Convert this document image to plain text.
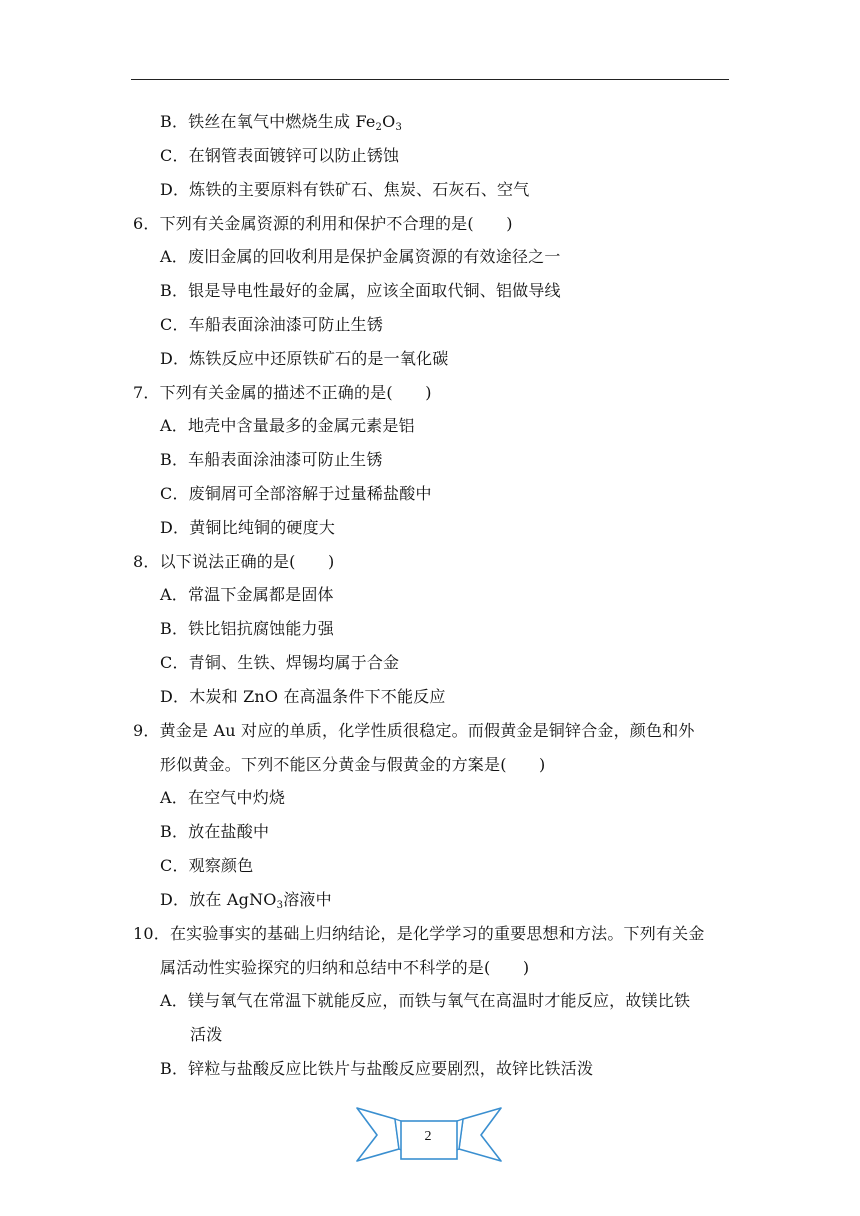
B．铁丝在氧气中燃烧生成 $Fe_2O_3$
C．在钢管表面镀锌可以防止锈蚀
D．炼铁的主要原料有铁矿石、焦炭、石灰石、空气
6．下列有关金属资源的利用和保护不合理的是(　　)
A．废旧金属的回收利用是保护金属资源的有效途径之一
B．银是导电性最好的金属，应该全面取代铜、铝做导线
C．车船表面涂油漆可防止生锈
D．炼铁反应中还原铁矿石的是一氧化碳
7．下列有关金属的描述不正确的是(　　)
A．地壳中含量最多的金属元素是铝
B．车船表面涂油漆可防止生锈
C．废铜屑可全部溶解于过量稀盐酸中
D．黄铜比纯铜的硬度大
8．以下说法正确的是(　　)
A．常温下金属都是固体
B．铁比铝抗腐蚀能力强
C．青铜、生铁、焊锡均属于合金
D．木炭和 ZnO 在高温条件下不能反应
9．黄金是 Au 对应的单质，化学性质很稳定。而假黄金是铜锌合金，颜色和外
形似黄金。下列不能区分黄金与假黄金的方案是(　　)
A．在空气中灼烧
B．放在盐酸中
C．观察颜色
D．放在 AgNO$_3$溶液中
10．在实验事实的基础上归纳结论，是化学学习的重要思想和方法。下列有关金
属活动性实验探究的归纳和总结中不科学的是(　　)
A．镁与氧气在常温下就能反应，而铁与氧气在高温时才能反应，故镁比铁
活泼
B．锌粒与盐酸反应比铁片与盐酸反应要剧烈，故锌比铁活泼
2
